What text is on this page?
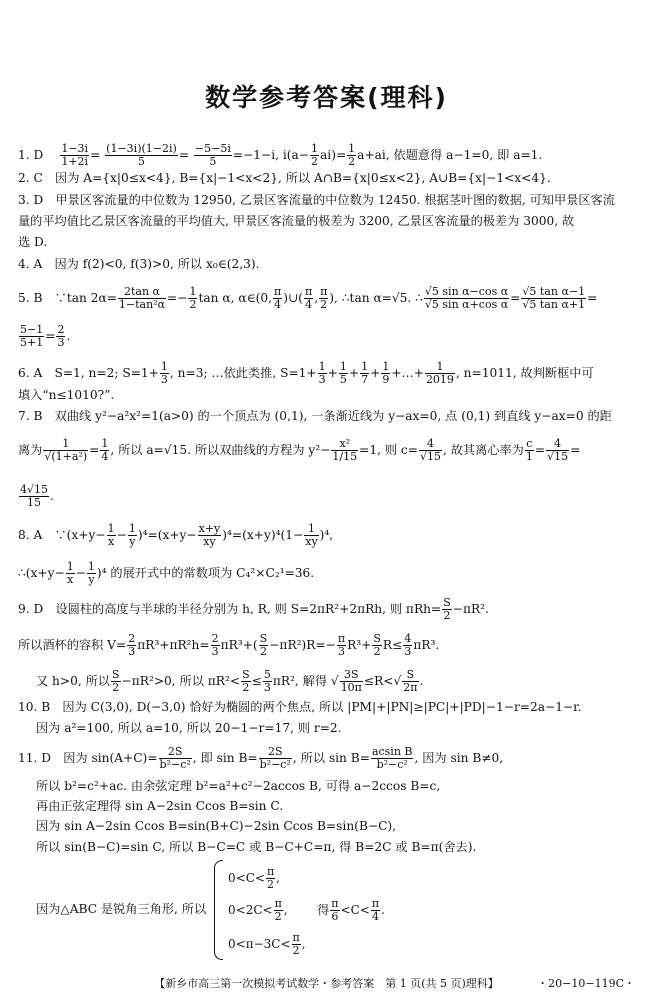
数学参考答案(理科)
1. D　 $\frac{1-3i}{1+2i} = \frac{(1-3i)(1-2i)}{5} = \frac{-5-5i}{5} =-1-i$, $i(a- \frac{1}{2} ai)= \frac{1}{2} a+ai$, 依题意得 a−1=0, 即 a=1.
2. C　因为 A={x|0≤x<4}, B={x|−1<x<2}, 所以 A∩B={x|0≤x<2}, A∪B={x|−1<x<4}.
3. D　甲景区客流量的中位数为 12950, 乙景区客流量的中位数为 12450. 根据茎叶图的数据, 可知甲景区客流
量的平均值比乙景区客流量的平均值大, 甲景区客流量的极差为 3200, 乙景区客流量的极差为 3000, 故
选 D.
4. A　因为 f(2)<0, f(3)>0, 所以 x₀∈(2,3).
5. B　∵tan $2\alpha= \frac{\text{2tan α}}{\text{1−tan²α}} =- \frac{1}{2}$ tan α, α∈(0, $\frac{\pi}{4}$ )∪( $\frac{\pi}{4}$ , $\frac{\pi}{2}$ ), ∴tan α=√5. ∴ $\frac{\text{√5 sin α−cos α}}{\text{√5 sin α+cos α}} = \frac{\text{√5 tan α−1}}{\text{√5 tan α+1}}$ =
$\frac{5-1}{5+1} = \frac{2}{3}$ .
6. A　S=1, n=2; $S=1+ \frac{1}{3}$ , n=3; …依此类推, $S=1+ \frac{1}{3} + \frac{1}{5} + \frac{1}{7} + \frac{1}{9}$ +…+ $\frac{1}{2019}$ , n=1011, 故判断框中可
填入“n≤1010?”.
7. B　双曲线 y²−a²x²=1(a>0) 的一个顶点为 (0,1), 一条渐近线为 y−ax=0, 点 (0,1) 到直线 y−ax=0 的距
离为 $\frac{1}{\text{√(1+a²)}} = \frac{1}{4}$ , 所以 a=√15. 所以双曲线的方程为 $y^2- \frac{\text{x²}}{1/15} =1$, 则 $c= \frac{4}{√15}$ , 故其离心率为 $\frac{c}{1} = \frac{4}{√15}$ =
$\frac{4√15}{15}$ .
8. A　∵(x+y− $\frac{1}{x} - \frac{1}{y} )^4=(x+y- \frac{x+y}{xy} )^4=(x+y)^4(1- \frac{1}{xy} )^4$,
∴(x+y− $\frac{1}{x} - \frac{1}{y} )^4$ 的展开式中的常数项为 C₄²×C₂¹=36.
9. D　设圆柱的高度与半球的半径分别为 h, R, 则 S=2πR²+2πRh, 则 $\pi Rh= \frac{S}{2} -\pi R^2$.
所以酒杯的容积 $V= \frac{2}{3} \pi R^3+\pi R^2h= \frac{2}{3} \pi R^3+( \frac{S}{2} -\pi R^2)R=- \frac{\pi}{3} R^3+ \frac{S}{2} R\le \frac{4}{3} \pi R^3$.
又 h>0, 所以 $\frac{S}{2} -\pi R^2>0$, 所以 $\pi R^2< \frac{S}{2} \le \frac{5}{3} \pi R^2$, 解得 √ $\frac{3S}{10\pi} \le R<√ \frac{S}{2\pi}$ .
10. B　因为 C(3,0), D(−3,0) 恰好为椭圆的两个焦点, 所以 |PM|+|PN|≥|PC|+|PD|−1−r=2a−1−r.
因为 a²=100, 所以 a=10, 所以 20−1−r=17, 则 r=2.
11. D　因为 $\sin(A+C)= \frac{2S}{\text{b²−c²}}$ , 即 $\sin B= \frac{2S}{\text{b²−c²}}$ , 所以 $\sin B= \frac{\text{acsin B}}{\text{b²−c²}}$ , 因为 sin B≠0,
所以 b²=c²+ac. 由余弦定理 b²=a²+c²−2accos B, 可得 a−2ccos B=c,
再由正弦定理得 sin A−2sin Ccos B=sin C.
因为 sin A−2sin Ccos B=sin(B+C)−2sin Ccos B=sin(B−C),
所以 sin(B−C)=sin C, 所以 B−C=C 或 B−C+C=π, 得 B=2C 或 B=π(舍去).
因为△ABC 是锐角三角形, 所以
$0<C< \frac{\pi}{2}$ ,
$0<2C< \frac{\pi}{2}$ , 得 $\frac{\pi}{6} <C< \frac{\pi}{4}$ .
$0<\pi-3C< \frac{\pi}{2}$ ,
【新乡市高三第一次模拟考试数学・参考答案　第 1 页(共 5 页)理科】	・20−10−119C・
